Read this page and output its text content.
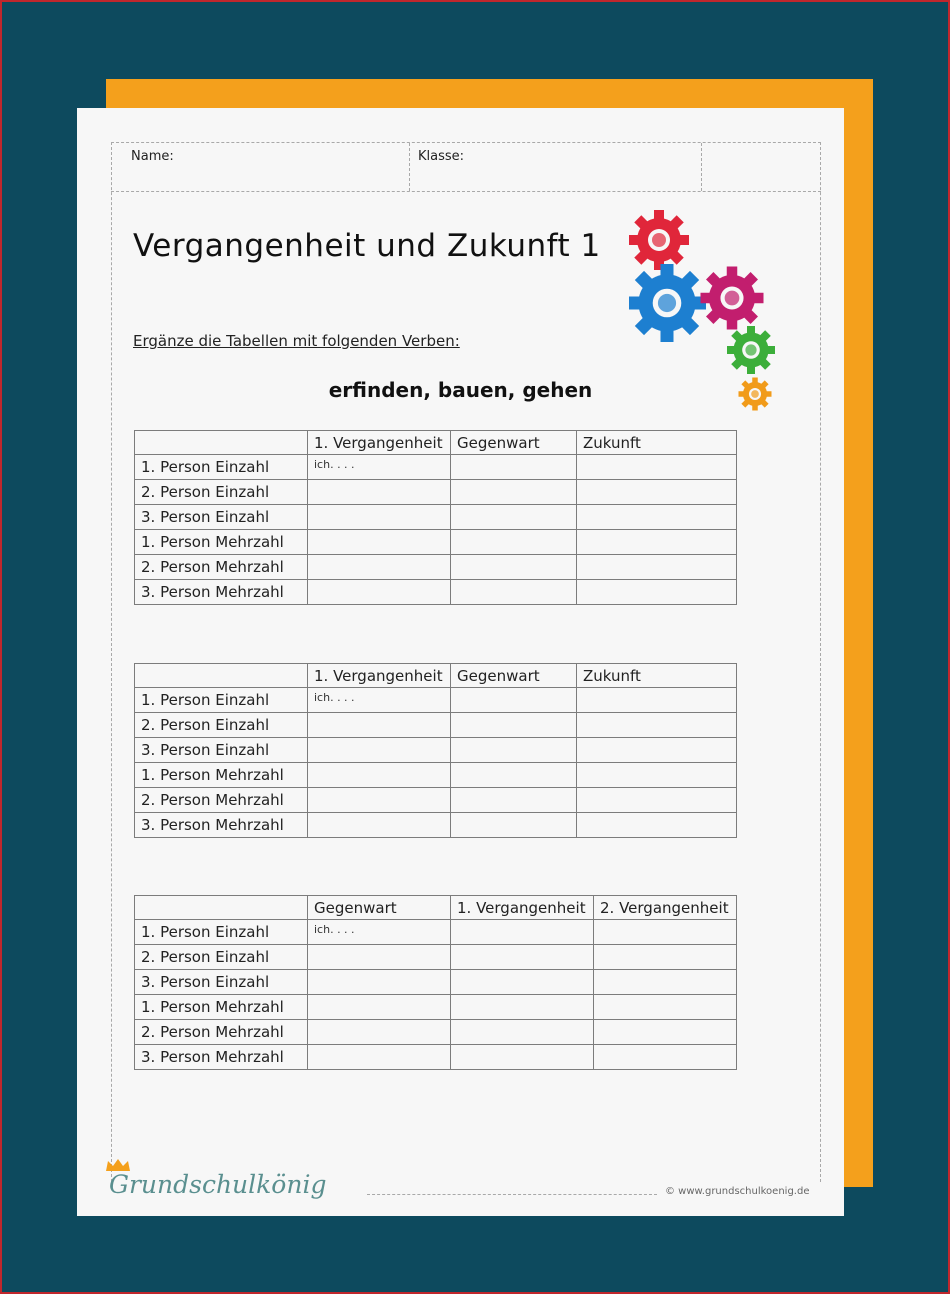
Name:	Klasse:
Vergangenheit und Zukunft 1
Ergänze die Tabellen mit folgenden Verben:
erfinden, bauen, gehen
	1. Vergangenheit	Gegenwart	Zukunft
1. Person Einzahl	ich. . . .		
2. Person Einzahl			
3. Person Einzahl			
1. Person Mehrzahl			
2. Person Mehrzahl			
3. Person Mehrzahl			
	1. Vergangenheit	Gegenwart	Zukunft
1. Person Einzahl	ich. . . .		
2. Person Einzahl			
3. Person Einzahl			
1. Person Mehrzahl			
2. Person Mehrzahl			
3. Person Mehrzahl			
	Gegenwart	1. Vergangenheit	2. Vergangenheit
1. Person Einzahl	ich. . . .		
2. Person Einzahl			
3. Person Einzahl			
1. Person Mehrzahl			
2. Person Mehrzahl			
3. Person Mehrzahl			
Grundschulkönig	© www.grundschulkoenig.de
